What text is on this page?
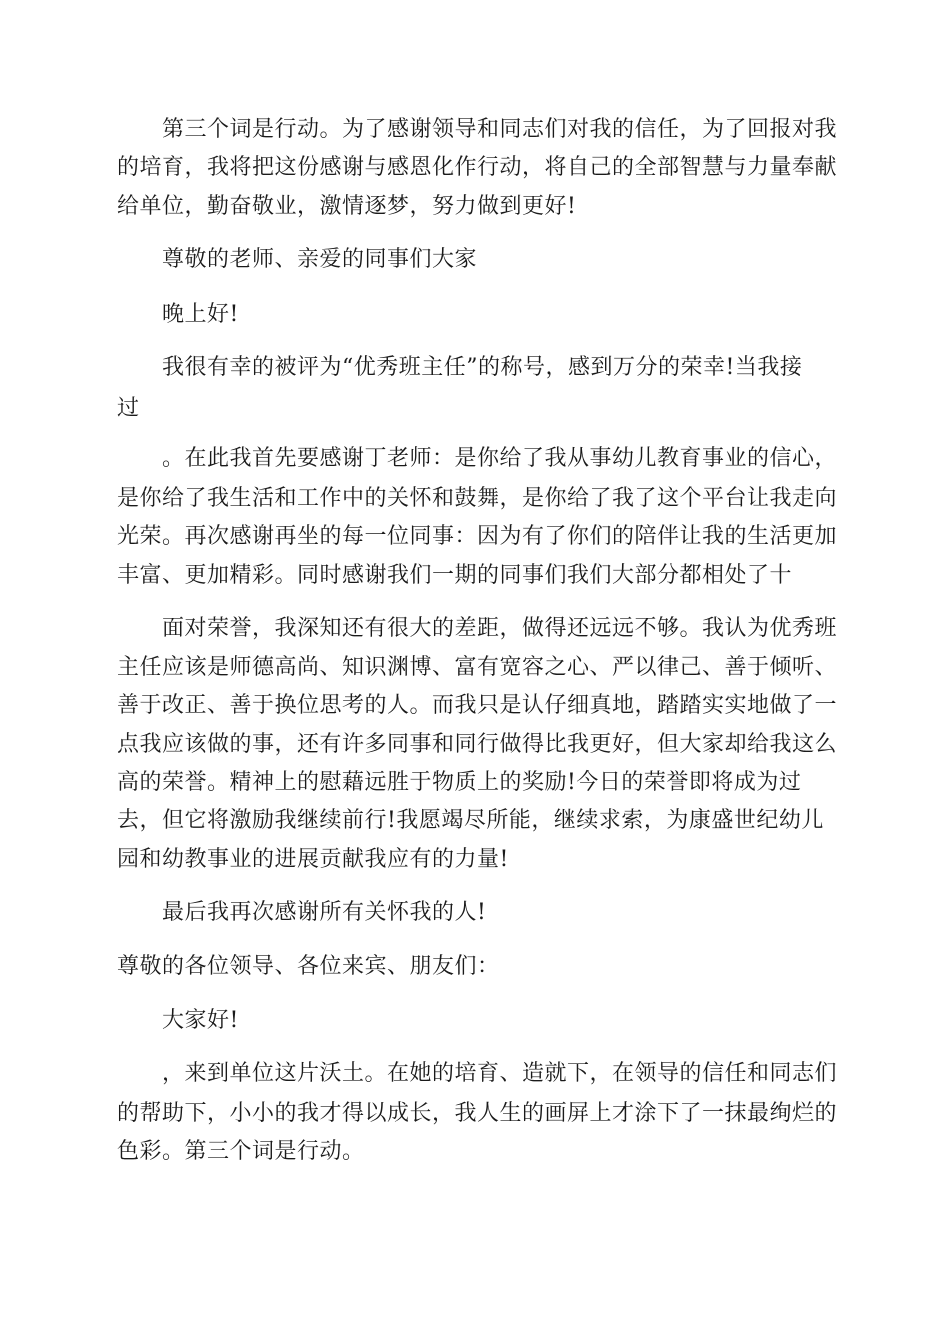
第三个词是行动。为了感谢领导和同志们对我的信任，为了回报对我
的培育，我将把这份感谢与感恩化作行动，将自己的全部智慧与力量奉献
给单位，勤奋敬业，激情逐梦，努力做到更好!
尊敬的老师、亲爱的同事们大家
晚上好!
我很有幸的被评为“优秀班主任”的称号，感到万分的荣幸!当我接
过
。在此我首先要感谢丁老师：是你给了我从事幼儿教育事业的信心，
是你给了我生活和工作中的关怀和鼓舞，是你给了我了这个平台让我走向
光荣。再次感谢再坐的每一位同事：因为有了你们的陪伴让我的生活更加
丰富、更加精彩。同时感谢我们一期的同事们我们大部分都相处了十
面对荣誉，我深知还有很大的差距，做得还远远不够。我认为优秀班
主任应该是师德高尚、知识渊博、富有宽容之心、严以律己、善于倾听、
善于改正、善于换位思考的人。而我只是认仔细真地，踏踏实实地做了一
点我应该做的事，还有许多同事和同行做得比我更好，但大家却给我这么
高的荣誉。精神上的慰藉远胜于物质上的奖励!今日的荣誉即将成为过
去，但它将激励我继续前行!我愿竭尽所能，继续求索，为康盛世纪幼儿
园和幼教事业的进展贡献我应有的力量!
最后我再次感谢所有关怀我的人!
尊敬的各位领导、各位来宾、朋友们：
大家好!
，来到单位这片沃土。在她的培育、造就下，在领导的信任和同志们
的帮助下，小小的我才得以成长，我人生的画屏上才涂下了一抹最绚烂的
色彩。第三个词是行动。
